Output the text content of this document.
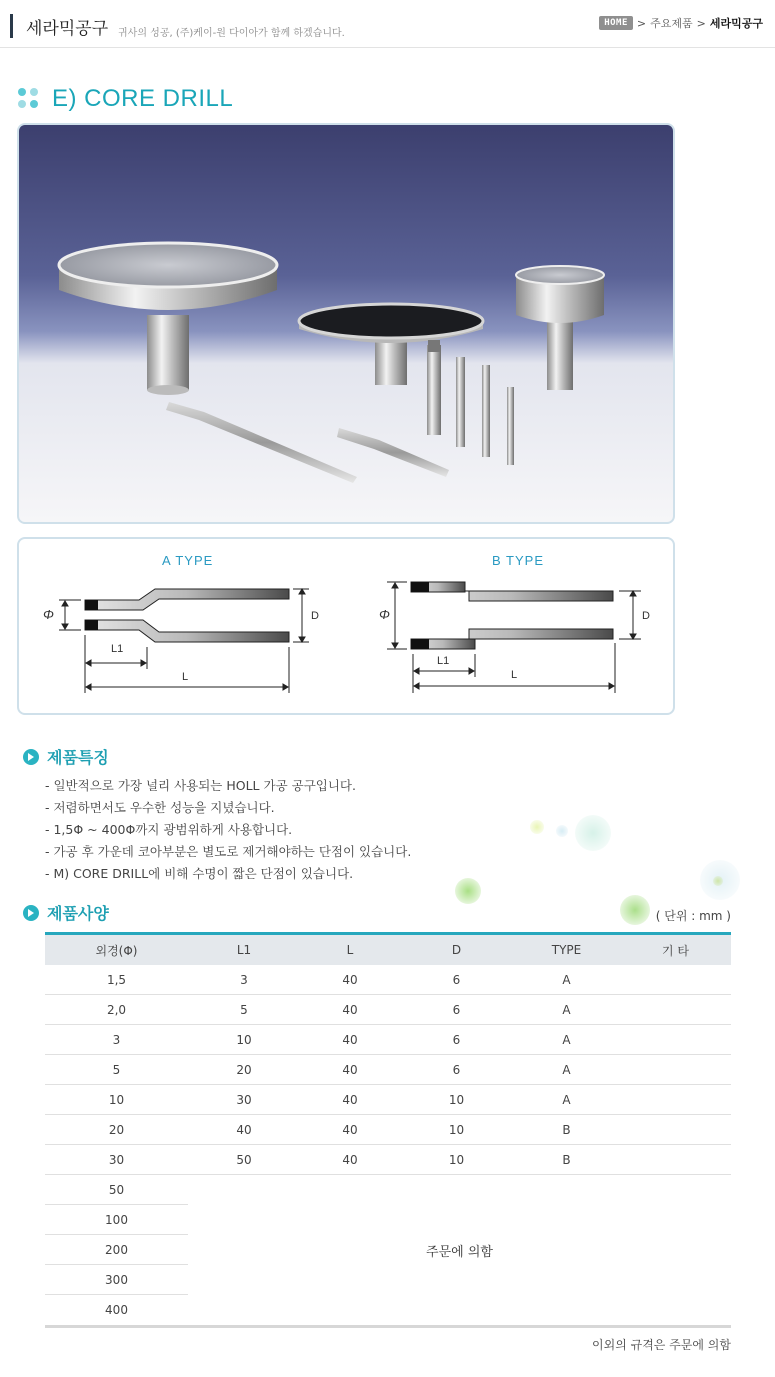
세라믹공구 귀사의 성공, (주)케이-원 다이아가 함께 하겠습니다.
HOME > 주요제품 > 세라믹공구
E) CORE DRILL
A TYPE	B TYPE
Φ	D
L1
L
Φ	D
L1
L
제품특징
- 일반적으로 가장 널리 사용되는 HOLL 가공 공구입니다.
- 저렴하면서도 우수한 성능을 지녔습니다.
- 1,5Φ ~ 400Φ까지 광범위하게 사용합니다.
- 가공 후 가운데 코아부분은 별도로 제거해야하는 단점이 있습니다.
- M) CORE DRILL에 비해 수명이 짧은 단점이 있습니다.
제품사양	( 단위 : mm )
외경(Φ)	L1	L	D	TYPE	기 타
1,5	3	40	6	A
2,0	5	40	6	A
3	10	40	6	A
5	20	40	6	A
10	30	40	10	A
20	40	40	10	B
30	50	40	10	B
50
100
200
300
400
주문에 의함
이외의 규격은 주문에 의함
